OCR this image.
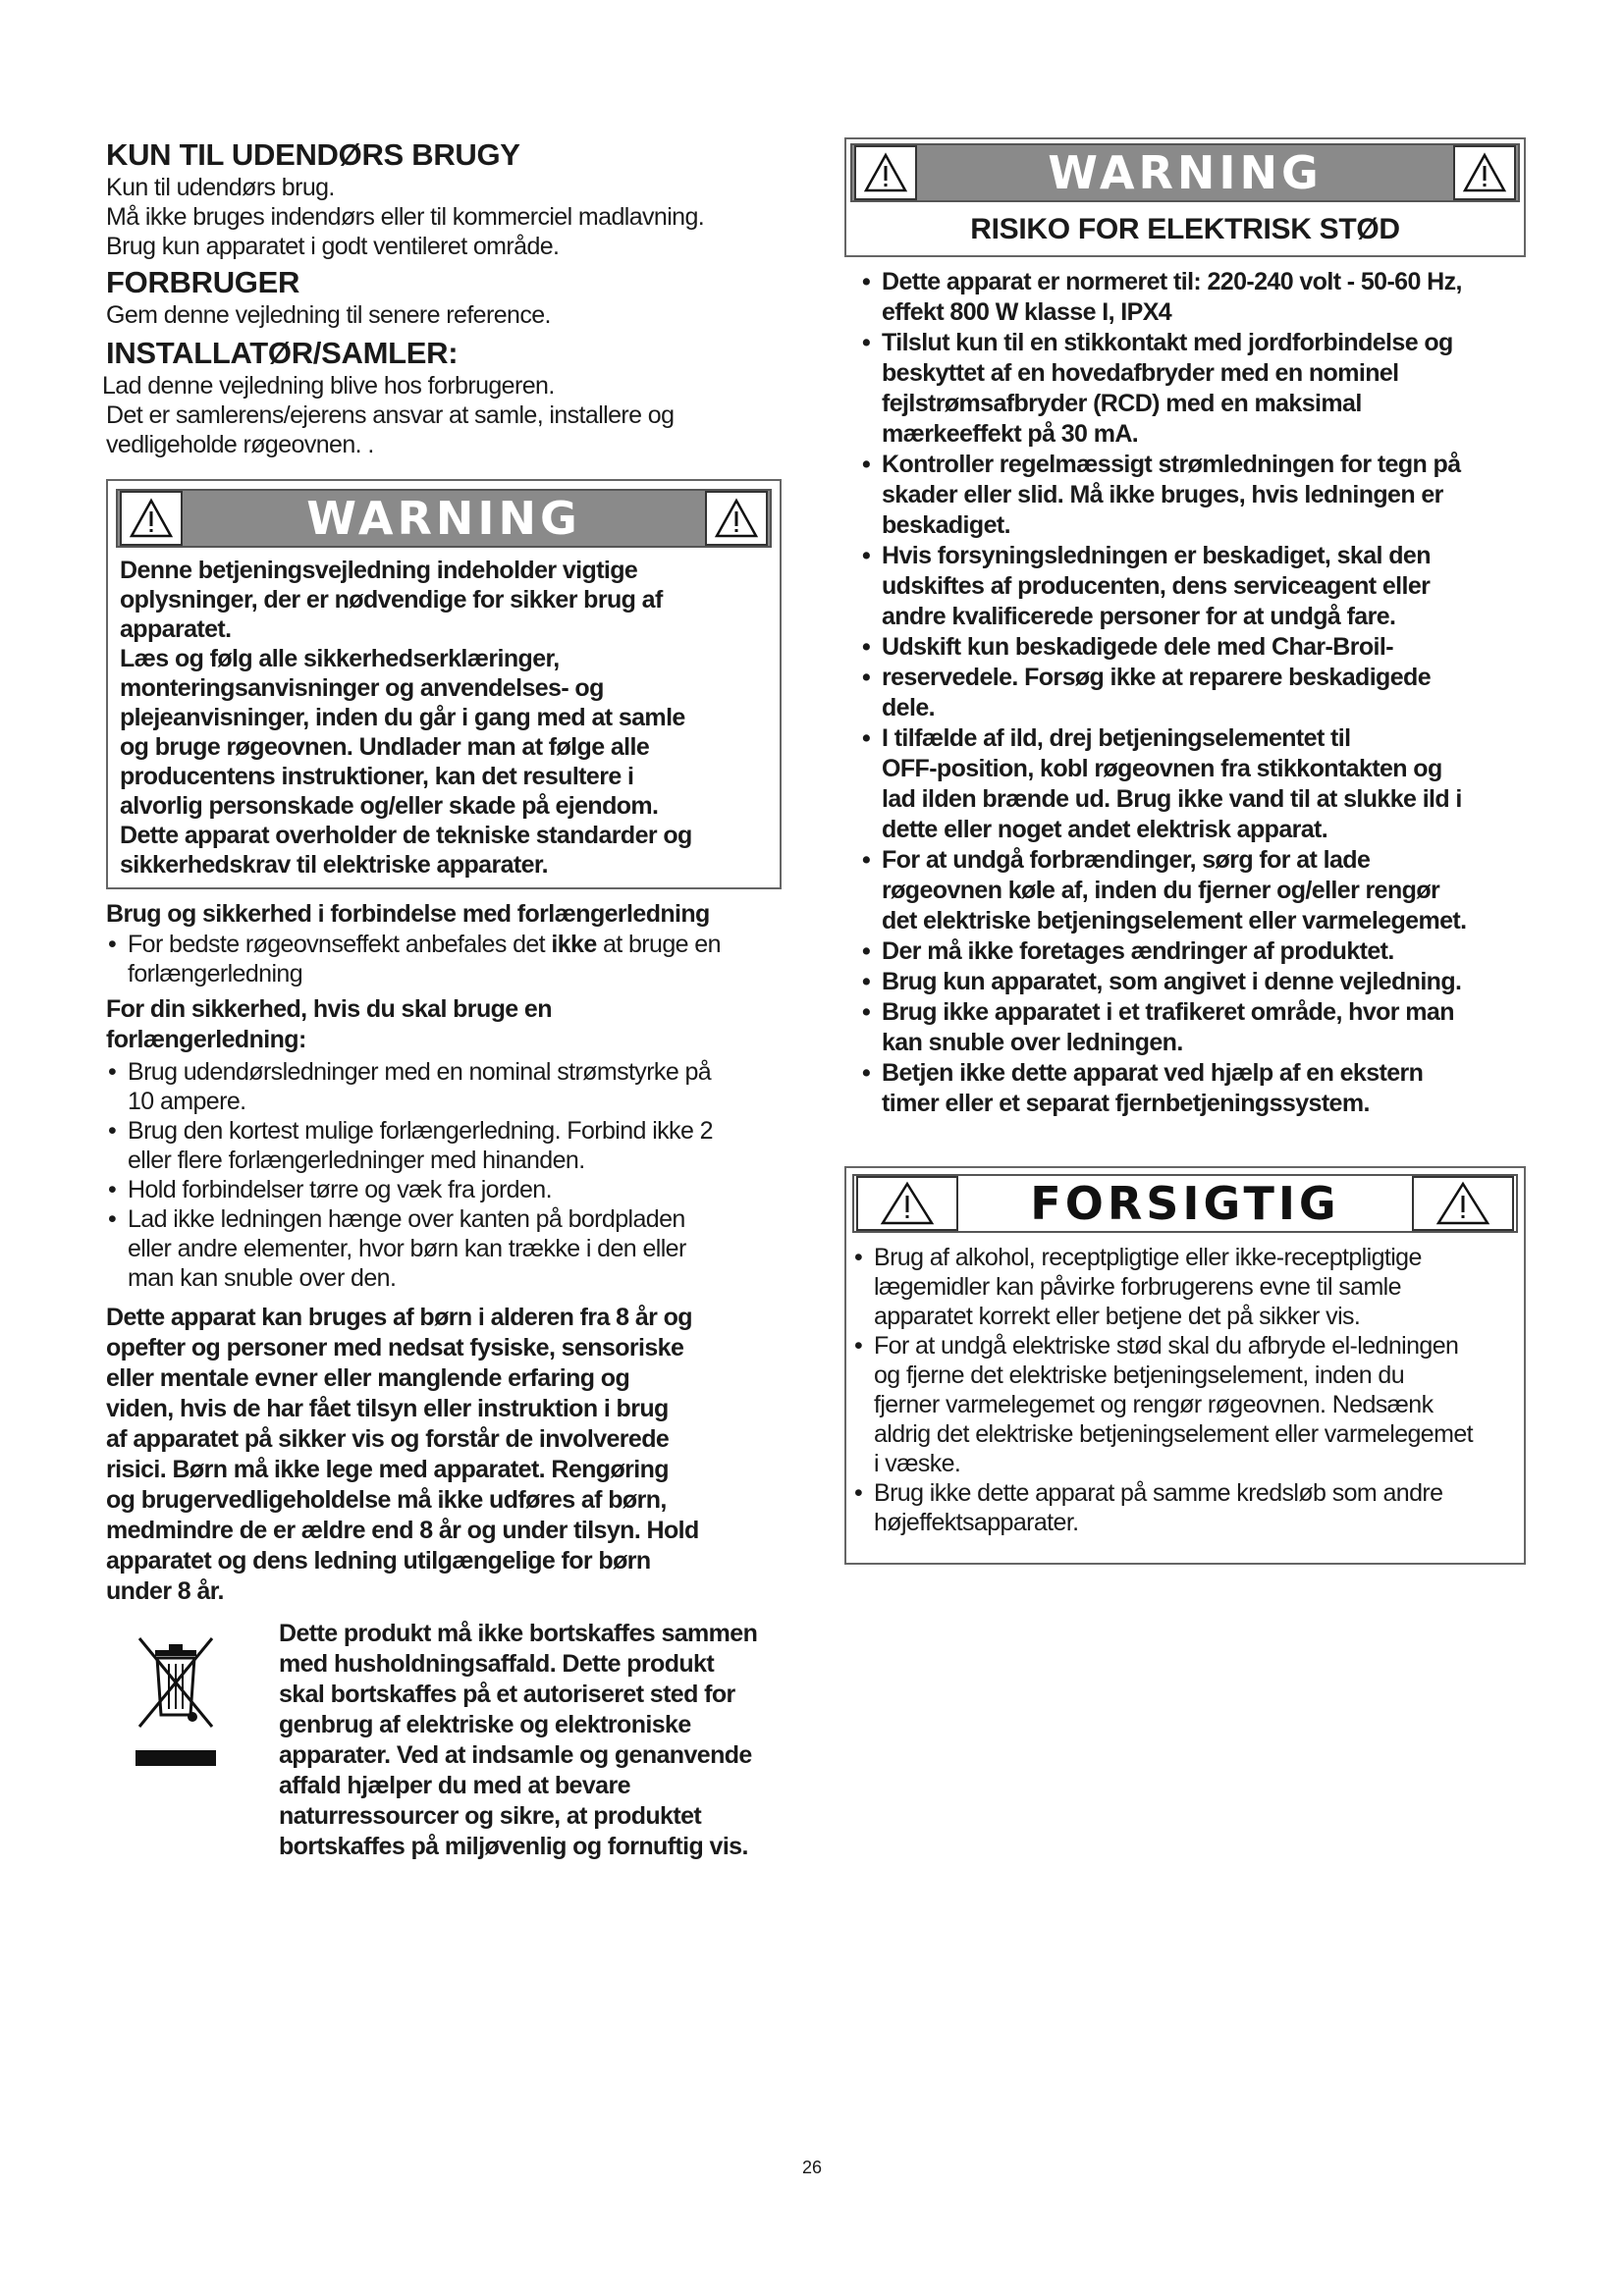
KUN TIL UDENDØRS BRUGY

Kun til udendørs brug.

Må ikke bruges indendørs eller til kommerciel madlavning.

Brug kun apparatet i godt ventileret område.

FORBRUGER

Gem denne vejledning til senere reference.

INSTALLATØR/SAMLER:

Lad denne vejledning blive hos forbrugeren.

Det er samlerens/ejerens ansvar at samle, installere og

vedligeholde røgeovnen. .

WARNING

Denne betjeningsvejledning indeholder vigtige

oplysninger, der er nødvendige for sikker brug af

apparatet.

Læs og følg alle sikkerhedserklæringer,

monteringsanvisninger og anvendelses- og

plejeanvisninger, inden du går i gang med at samle

og bruge røgeovnen. Undlader man at følge alle

producentens instruktioner, kan det resultere i

alvorlig personskade og/eller skade på ejendom.

Dette apparat overholder de tekniske standarder og

sikkerhedskrav til elektriske apparater.

Brug og sikkerhed i forbindelse med forlængerledning

• For bedste røgeovnseffekt anbefales det ikke at bruge en
forlængerledning

For din sikkerhed, hvis du skal bruge en

forlængerledning:

• Brug udendørsledninger med en nominal strømstyrke på
10 ampere.
• Brug den kortest mulige forlængerledning. Forbind ikke 2
eller flere forlængerledninger med hinanden.
• Hold forbindelser tørre og væk fra jorden.
• Lad ikke ledningen hænge over kanten på bordpladen
eller andre elementer, hvor børn kan trække i den eller
man kan snuble over den.

Dette apparat kan bruges af børn i alderen fra 8 år og

opefter og personer med nedsat fysiske, sensoriske

eller mentale evner eller manglende erfaring og

viden, hvis de har fået tilsyn eller instruktion i brug

af apparatet på sikker vis og forstår de involverede

risici. Børn må ikke lege med apparatet. Rengøring

og brugervedligeholdelse må ikke udføres af børn,

medmindre de er ældre end 8 år og under tilsyn. Hold

apparatet og dens ledning utilgængelige for børn

under 8 år.

Dette produkt må ikke bortskaffes sammen

med husholdningsaffald. Dette produkt

skal bortskaffes på et autoriseret sted for

genbrug af elektriske og elektroniske

apparater. Ved at indsamle og genanvende

affald hjælper du med at bevare

naturressourcer og sikre, at produktet

bortskaffes på miljøvenlig og fornuftig vis.

WARNING

RISIKO FOR ELEKTRISK STØD

• Dette apparat er normeret til: 220-240 volt - 50-60 Hz,
effekt 800 W klasse I, IPX4
• Tilslut kun til en stikkontakt med jordforbindelse og
beskyttet af en hovedafbryder med en nominel
fejlstrømsafbryder (RCD) med en maksimal
mærkeeffekt på 30 mA.
• Kontroller regelmæssigt strømledningen for tegn på
skader eller slid. Må ikke bruges, hvis ledningen er
beskadiget.
• Hvis forsyningsledningen er beskadiget, skal den
udskiftes af producenten, dens serviceagent eller
andre kvalificerede personer for at undgå fare.
• Udskift kun beskadigede dele med Char-Broil-
• reservedele. Forsøg ikke at reparere beskadigede
dele.
• I tilfælde af ild, drej betjeningselementet til
OFF-position, kobl røgeovnen fra stikkontakten og
lad ilden brænde ud. Brug ikke vand til at slukke ild i
dette eller noget andet elektrisk apparat.
• For at undgå forbrændinger, sørg for at lade
røgeovnen køle af, inden du fjerner og/eller rengør
det elektriske betjeningselement eller varmelegemet.
• Der må ikke foretages ændringer af produktet.
• Brug kun apparatet, som angivet i denne vejledning.
• Brug ikke apparatet i et trafikeret område, hvor man
kan snuble over ledningen.
• Betjen ikke dette apparat ved hjælp af en ekstern
timer eller et separat fjernbetjeningssystem.
FORSIGTIG
• Brug af alkohol, receptpligtige eller ikke-receptpligtige
lægemidler kan påvirke forbrugerens evne til samle
apparatet korrekt eller betjene det på sikker vis.
• For at undgå elektriske stød skal du afbryde el-ledningen
og fjerne det elektriske betjeningselement, inden du
fjerner varmelegemet og rengør røgeovnen. Nedsænk
aldrig det elektriske betjeningselement eller varmelegemet
i væske.
• Brug ikke dette apparat på samme kredsløb som andre
højeffektsapparater.
26
